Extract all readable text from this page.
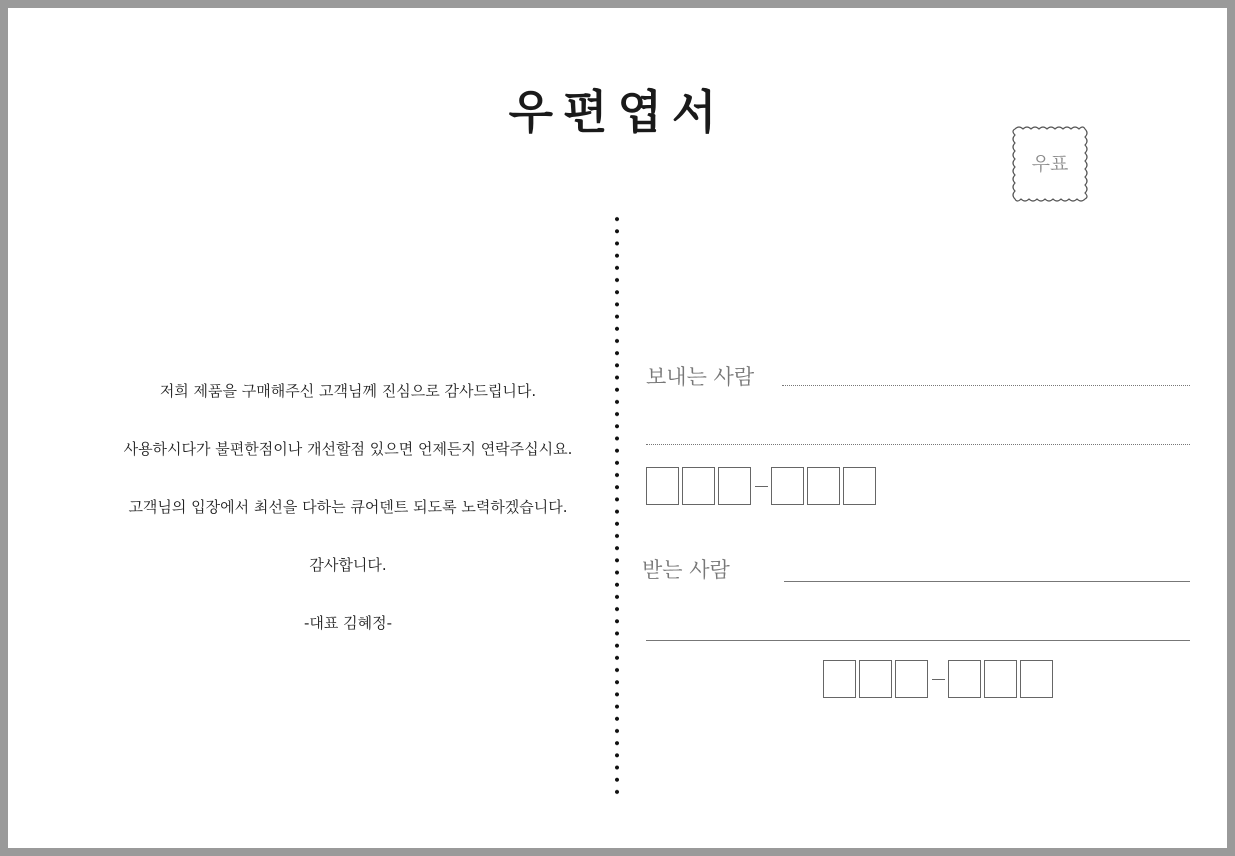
우편엽서
우표
저희 제품을 구매해주신 고객님께 진심으로 감사드립니다.
사용하시다가 불편한점이나 개선할점 있으면 언제든지 연락주십시요.
고객님의 입장에서 최선을 다하는 큐어덴트 되도록 노력하겠습니다.
감사합니다.
-대표 김혜정-
보내는 사람
받는 사람
